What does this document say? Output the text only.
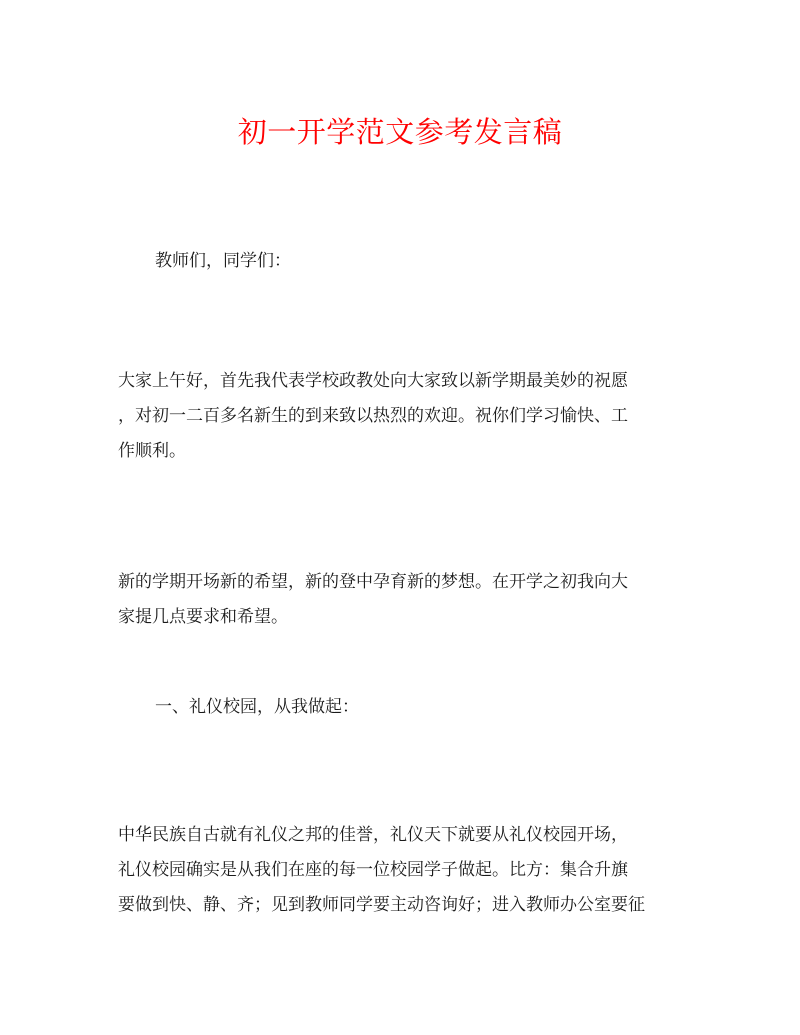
初一开学范文参考发言稿

教师们，同学们：

大家上午好，首先我代表学校政教处向大家致以新学期最美妙的祝愿
，对初一二百多名新生的到来致以热烈的欢迎。祝你们学习愉快、工
作顺利。

新的学期开场新的希望，新的登中孕育新的梦想。在开学之初我向大
家提几点要求和希望。

一、礼仪校园，从我做起：

中华民族自古就有礼仪之邦的佳誉，礼仪天下就要从礼仪校园开场，
礼仪校园确实是从我们在座的每一位校园学子做起。比方：集合升旗
要做到快、静、齐；见到教师同学要主动咨询好；进入教师办公室要征
